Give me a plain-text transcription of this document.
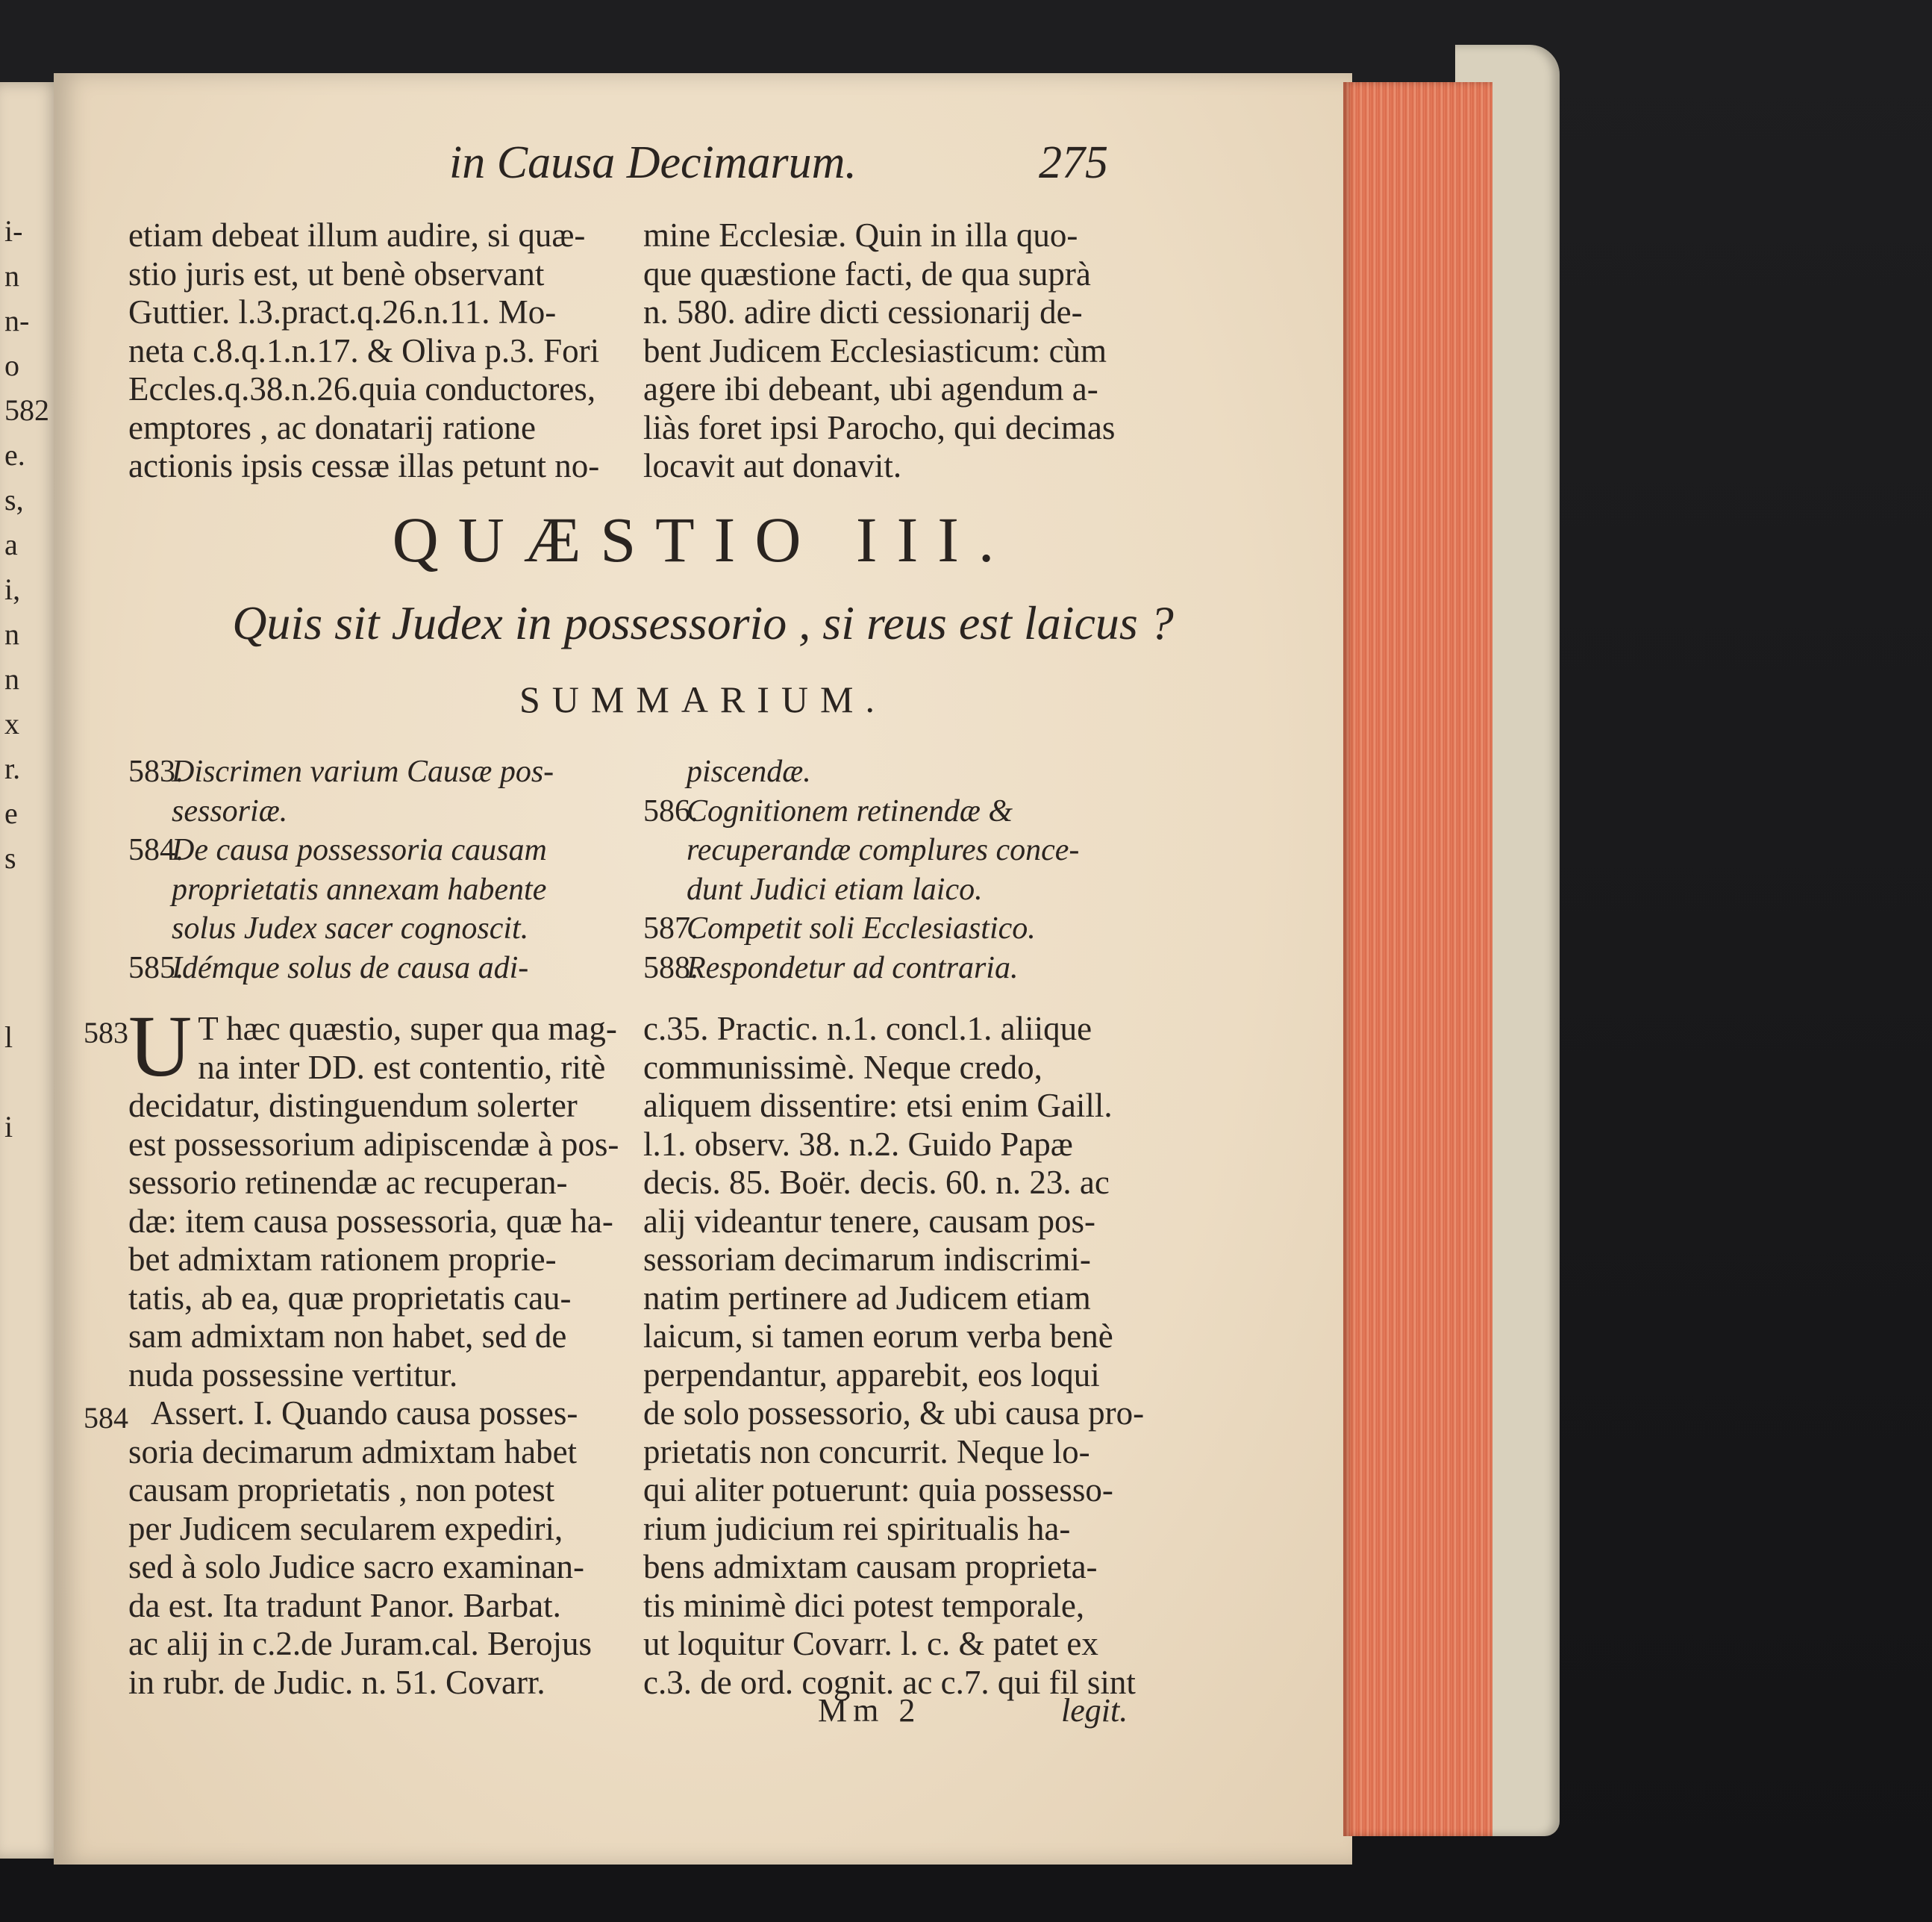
i-
n
n-
o 582
e.
s,
a
i,
n
n
x
r.
e
s

l

i
in Causa Decimarum.	275

etiam debeat illum audire, si quæ-

stio juris est, ut benè observant

Guttier. l.3.pract.q.26.n.11. Mo-

neta c.8.q.1.n.17. & Oliva p.3. Fori

Eccles.q.38.n.26.quia conductores,

emptores , ac donatarij ratione

actionis ipsis cessæ illas petunt no-

mine Ecclesiæ. Quin in illa quo-

que quæstione facti, de qua suprà

n. 580. adire dicti cessionarij de-

bent Judicem Ecclesiasticum: cùm

agere ibi debeant, ubi agendum a-

liàs foret ipsi Parocho, qui decimas

locavit aut donavit.

QUÆSTIO III.
Quis sit Judex in possessorio , si reus est laicus ?
SUMMARIUM.
583.Discrimen varium Causæ pos-
sessoriæ.
584.De causa possessoria causam
proprietatis annexam habente
solus Judex sacer cognoscit.
585.Idémque solus de causa adi-
piscendæ.
586.Cognitionem retinendæ &
recuperandæ complures conce-
dunt Judici etiam laico.
587.Competit soli Ecclesiastico.
588.Respondetur ad contraria.
583
584
U T hæc quæstio, super qua mag-

na inter DD. est contentio, ritè

decidatur, distinguendum solerter

est possessorium adipiscendæ à pos-

sessorio retinendæ ac recuperan-

dæ: item causa possessoria, quæ ha-

bet admixtam rationem proprie-

tatis, ab ea, quæ proprietatis cau-

sam admixtam non habet, sed de

nuda possessine vertitur.

Assert. I. Quando causa posses-

soria decimarum admixtam habet

causam proprietatis , non potest

per Judicem secularem expediri,

sed à solo Judice sacro examinan-

da est. Ita tradunt Panor. Barbat.

ac alij in c.2.de Juram.cal. Berojus

in rubr. de Judic. n. 51. Covarr.

c.35. Practic. n.1. concl.1. aliique

communissimè. Neque credo,

aliquem dissentire: etsi enim Gaill.

l.1. observ. 38. n.2. Guido Papæ

decis. 85. Boër. decis. 60. n. 23. ac

alij videantur tenere, causam pos-

sessoriam decimarum indiscrimi-

natim pertinere ad Judicem etiam

laicum, si tamen eorum verba benè

perpendantur, apparebit, eos loqui

de solo possessorio, & ubi causa pro-

prietatis non concurrit. Neque lo-

qui aliter potuerunt: quia possesso-

rium judicium rei spiritualis ha-

bens admixtam causam proprieta-

tis minimè dici potest temporale,

ut loquitur Covarr. l. c. & patet ex

c.3. de ord. cognit. ac c.7. qui fil sint

Mm 2	legit.
